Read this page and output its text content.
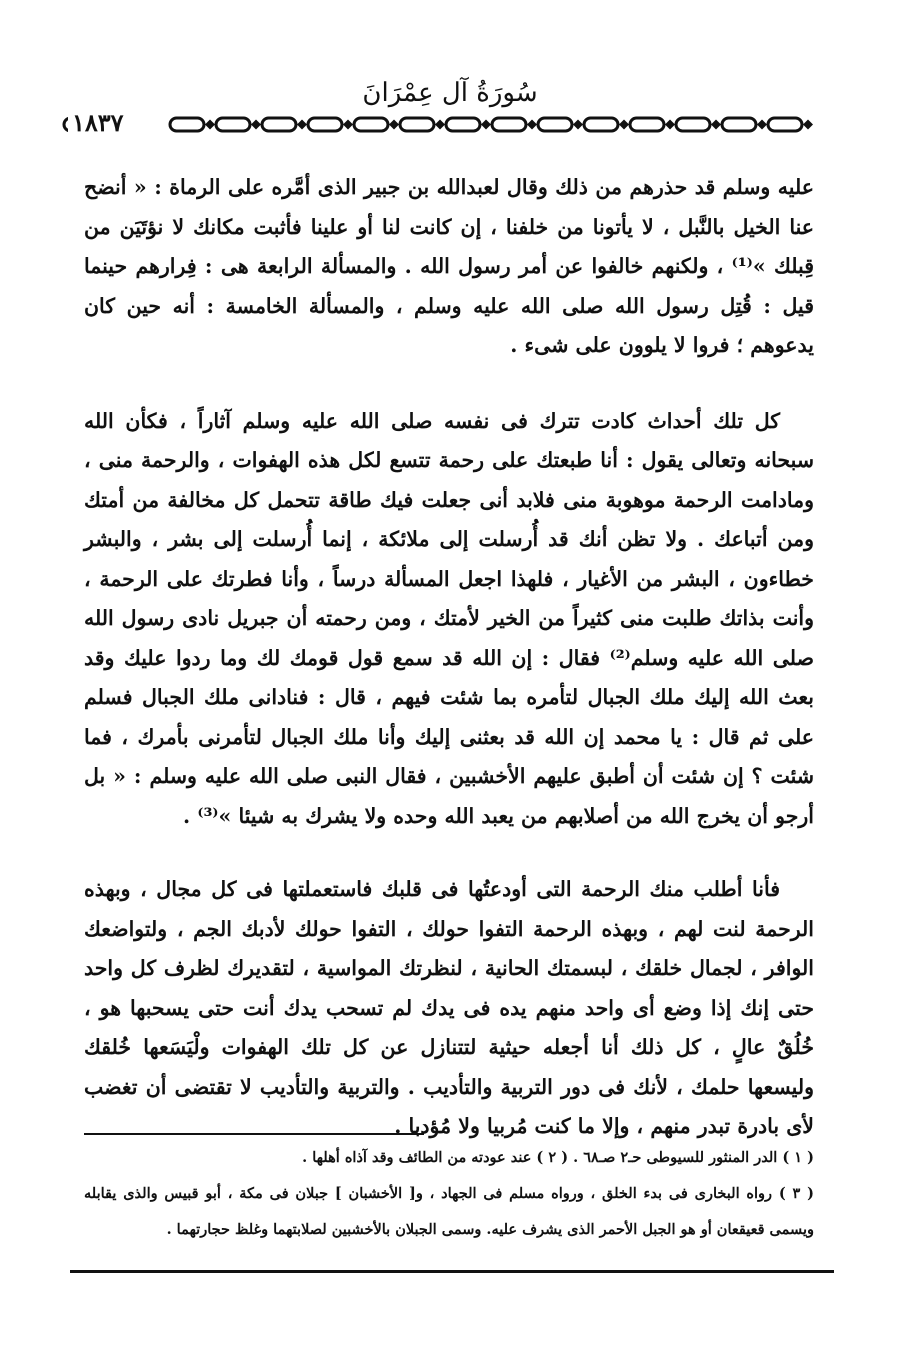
سُورَةُ آل عِمْرَانَ
١٨٣٧

عليه وسلم قد حذرهم من ذلك وقال لعبدالله بن جبير الذى أمَّره على الرماة : « أنضح عنا الخيل بالنَّبل ، لا يأتونا من خلفنا ، إن كانت لنا أو علينا فأثبت مكانك لا نؤتَيَن من قِبلك »⁽¹⁾ ، ولكنهم خالفوا عن أمر رسول الله . والمسألة الرابعة هى : فِرارهم حينما قيل : قُتِل رسول الله صلى الله عليه وسلم ، والمسألة الخامسة : أنه حين كان يدعوهم ؛ فروا لا يلوون على شىء .

كل تلك أحداث كادت تترك فى نفسه صلى الله عليه وسلم آثاراً ، فكأن الله سبحانه وتعالى يقول : أنا طبعتك على رحمة تتسع لكل هذه الهفوات ، والرحمة منى ، ومادامت الرحمة موهوبة منى فلابد أنى جعلت فيك طاقة تتحمل كل مخالفة من أمتك ومن أتباعك . ولا تظن أنك قد أُرسلت إلى ملائكة ، إنما أُرسلت إلى بشر ، والبشر خطاءون ، البشر من الأغيار ، فلهذا اجعل المسألة درساً ، وأنا فطرتك على الرحمة ، وأنت بذاتك طلبت منى كثيراً من الخير لأمتك ، ومن رحمته أن جبريل نادى رسول الله صلى الله عليه وسلم⁽²⁾ فقال : إن الله قد سمع قول قومك لك وما ردوا عليك وقد بعث الله إليك ملك الجبال لتأمره بما شئت فيهم ، قال : فنادانى ملك الجبال فسلم على ثم قال : يا محمد إن الله قد بعثنى إليك وأنا ملك الجبال لتأمرنى بأمرك ، فما شئت ؟ إن شئت أن أطبق عليهم الأخشبين ، فقال النبى صلى الله عليه وسلم : « بل أرجو أن يخرج الله من أصلابهم من يعبد الله وحده ولا يشرك به شيئا »⁽³⁾ .

فأنا أطلب منك الرحمة التى أودعتُها فى قلبك فاستعملتها فى كل مجال ، وبهذه الرحمة لنت لهم ، وبهذه الرحمة التفوا حولك ، التفوا حولك لأدبك الجم ، ولتواضعك الوافر ، لجمال خلقك ، لبسمتك الحانية ، لنظرتك المواسية ، لتقديرك لظرف كل واحد حتى إنك إذا وضع أى واحد منهم يده فى يدك لم تسحب يدك أنت حتى يسحبها هو ، خُلُقٌ عالٍ ، كل ذلك أنا أجعله حيثية لتتنازل عن كل تلك الهفوات ولْيَسَعها خُلقك وليسعها حلمك ، لأنك فى دور التربية والتأديب . والتربية والتأديب لا تقتضى أن تغضب لأى بادرة تبدر منهم ، وإلا ما كنت مُربيا ولا مُؤدبا .

( ١ ) الدر المنثور للسيوطى حـ٢ صـ٦٨ . ( ٢ ) عند عودته من الطائف وقد آذاه أهلها .

( ٣ ) رواه البخارى فى بدء الخلق ، ورواه مسلم فى الجهاد ، و[ الأخشبان ] جبلان فى مكة ، أبو قبيس والذى يقابله ويسمى قعيقعان أو هو الجبل الأحمر الذى يشرف عليه. وسمى الجبلان بالأخشبين لصلابتهما وغلظ حجارتهما .
